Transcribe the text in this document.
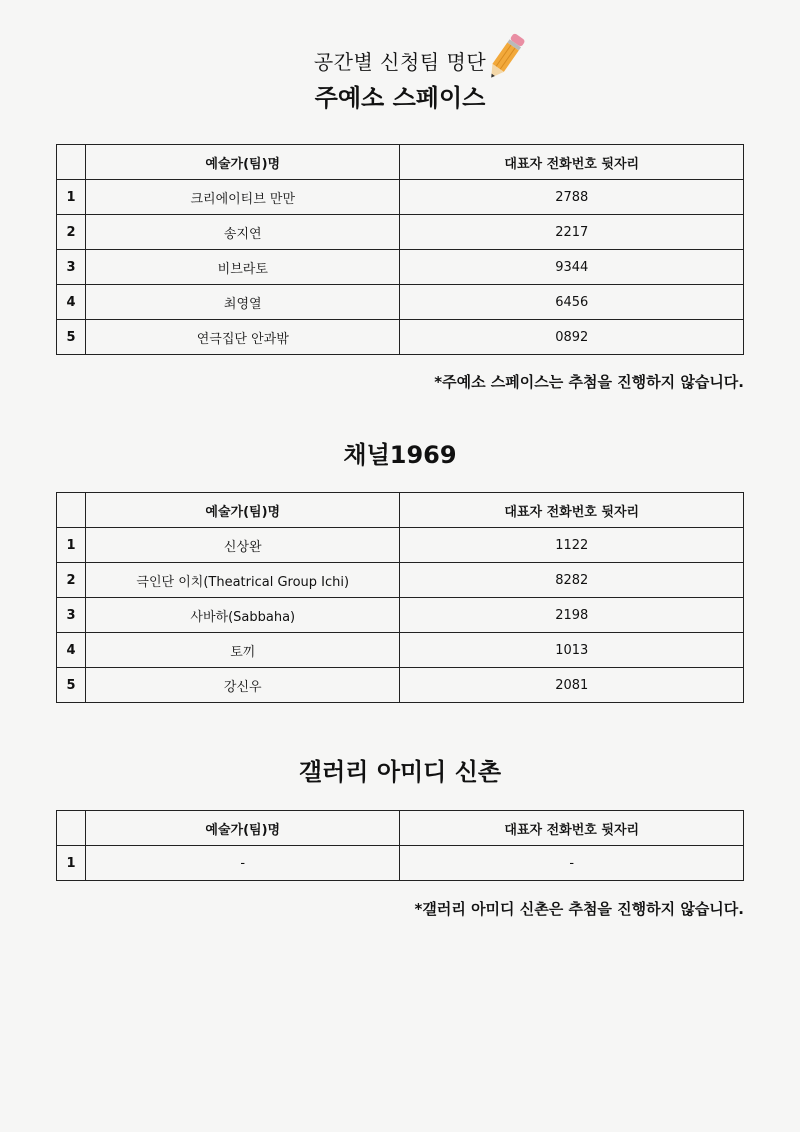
공간별 신청팀 명단
주예소 스페이스
	예술가(팀)명	대표자 전화번호 뒷자리
1	크리에이티브 만만	2788
2	송지연	2217
3	비브라토	9344
4	최영열	6456
5	연극집단 안과밖	0892
*주예소 스페이스는 추첨을 진행하지 않습니다.
채널1969
	예술가(팀)명	대표자 전화번호 뒷자리
1	신상완	1122
2	극인단 이치(Theatrical Group Ichi)	8282
3	사바하(Sabbaha)	2198
4	토끼	1013
5	강신우	2081
갤러리 아미디 신촌
	예술가(팀)명	대표자 전화번호 뒷자리
1	-	-
*갤러리 아미디 신촌은 추첨을 진행하지 않습니다.
